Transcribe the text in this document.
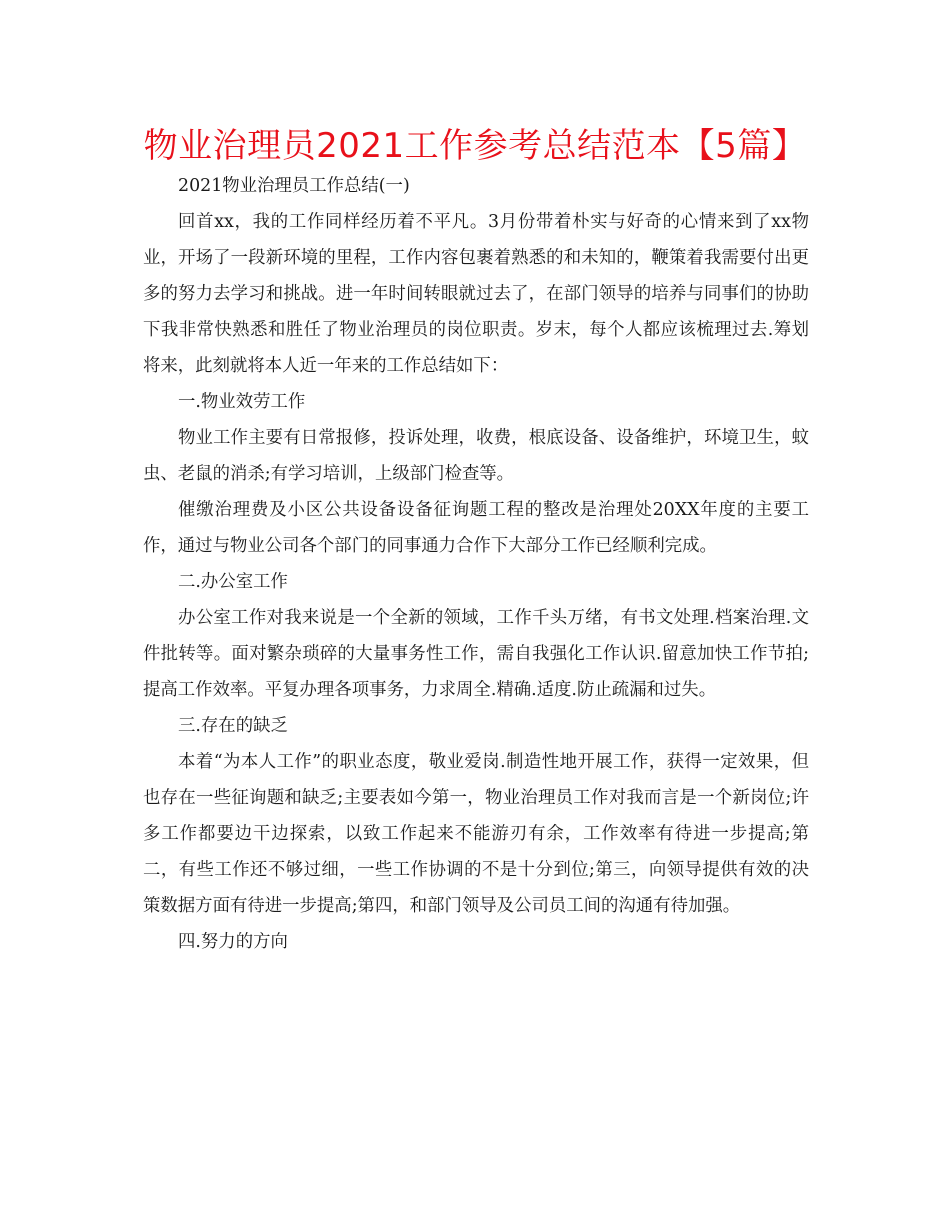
物业治理员2021工作参考总结范本【5篇】

2021物业治理员工作总结(一)

回首xx，我的工作同样经历着不平凡。3月份带着朴实与好奇的心情来到了xx物业，开场了一段新环境的里程，工作内容包裹着熟悉的和未知的，鞭策着我需要付出更多的努力去学习和挑战。进一年时间转眼就过去了，在部门领导的培养与同事们的协助下我非常快熟悉和胜任了物业治理员的岗位职责。岁末，每个人都应该梳理过去.筹划将来，此刻就将本人近一年来的工作总结如下：

一.物业效劳工作

物业工作主要有日常报修，投诉处理，收费，根底设备、设备维护，环境卫生，蚊虫、老鼠的消杀;有学习培训，上级部门检查等。

催缴治理费及小区公共设备设备征询题工程的整改是治理处20XX年度的主要工作，通过与物业公司各个部门的同事通力合作下大部分工作已经顺利完成。

二.办公室工作

办公室工作对我来说是一个全新的领域，工作千头万绪，有书文处理.档案治理.文件批转等。面对繁杂琐碎的大量事务性工作，需自我强化工作认识.留意加快工作节拍;提高工作效率。平复办理各项事务，力求周全.精确.适度.防止疏漏和过失。

三.存在的缺乏

本着“为本人工作”的职业态度，敬业爱岗.制造性地开展工作，获得一定效果，但也存在一些征询题和缺乏;主要表如今第一，物业治理员工作对我而言是一个新岗位;许多工作都要边干边探索，以致工作起来不能游刃有余，工作效率有待进一步提高;第二，有些工作还不够过细，一些工作协调的不是十分到位;第三，向领导提供有效的决策数据方面有待进一步提高;第四，和部门领导及公司员工间的沟通有待加强。

四.努力的方向
